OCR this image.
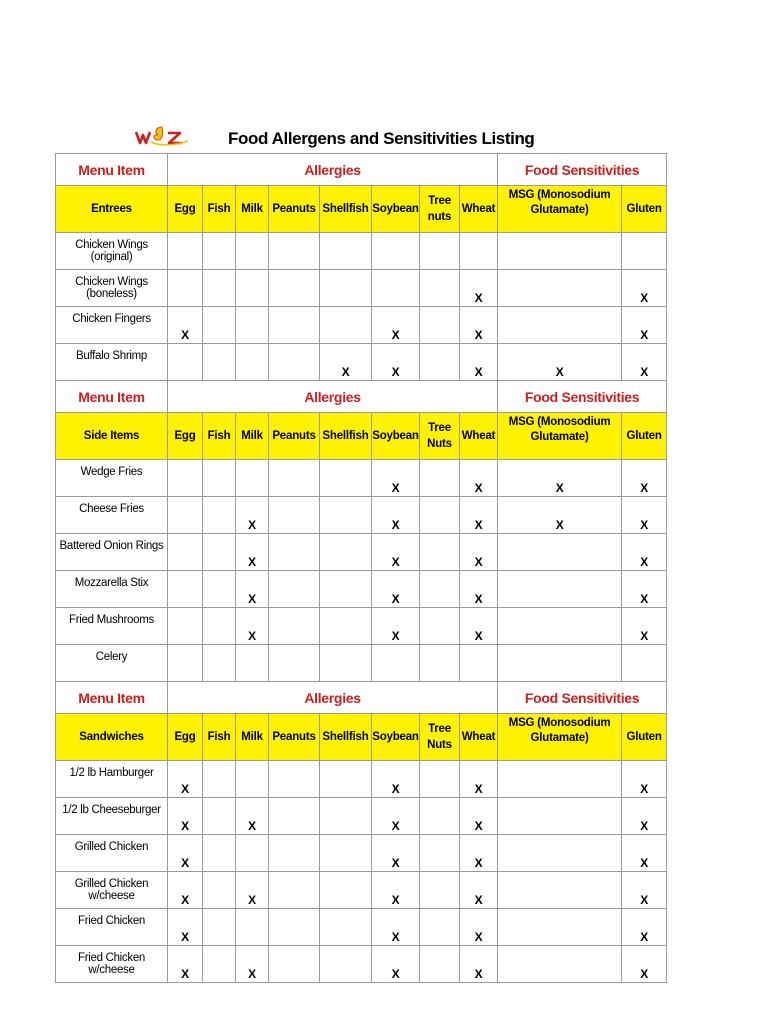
Food Allergens and Sensitivities Listing
Menu Item	Allergies								Food Sensitivities	
Entrees	Egg	Fish	Milk	Peanuts	Shellfish	Soybean	Tree nuts	Wheat	MSG (Monosodium Glutamate)	Gluten
Chicken Wings (original)										
Chicken Wings (boneless)								X		X
Chicken Fingers	X					X		X		X
Buffalo Shrimp					X	X		X	X	X
Menu Item	Allergies								Food Sensitivities	
Side Items	Egg	Fish	Milk	Peanuts	Shellfish	Soybean	Tree Nuts	Wheat	MSG (Monosodium Glutamate)	Gluten
Wedge Fries						X		X	X	X
Cheese Fries			X			X		X	X	X
Battered Onion Rings			X			X		X		X
Mozzarella Stix			X			X		X		X
Fried Mushrooms			X			X		X		X
Celery										
Menu Item	Allergies								Food Sensitivities	
Sandwiches	Egg	Fish	Milk	Peanuts	Shellfish	Soybean	Tree Nuts	Wheat	MSG (Monosodium Glutamate)	Gluten
1/2 lb Hamburger	X					X		X		X
1/2 lb Cheeseburger	X		X			X		X		X
Grilled Chicken	X					X		X		X
Grilled Chicken w/cheese	X		X			X		X		X
Fried Chicken	X					X		X		X
Fried Chicken w/cheese	X		X			X		X		X
